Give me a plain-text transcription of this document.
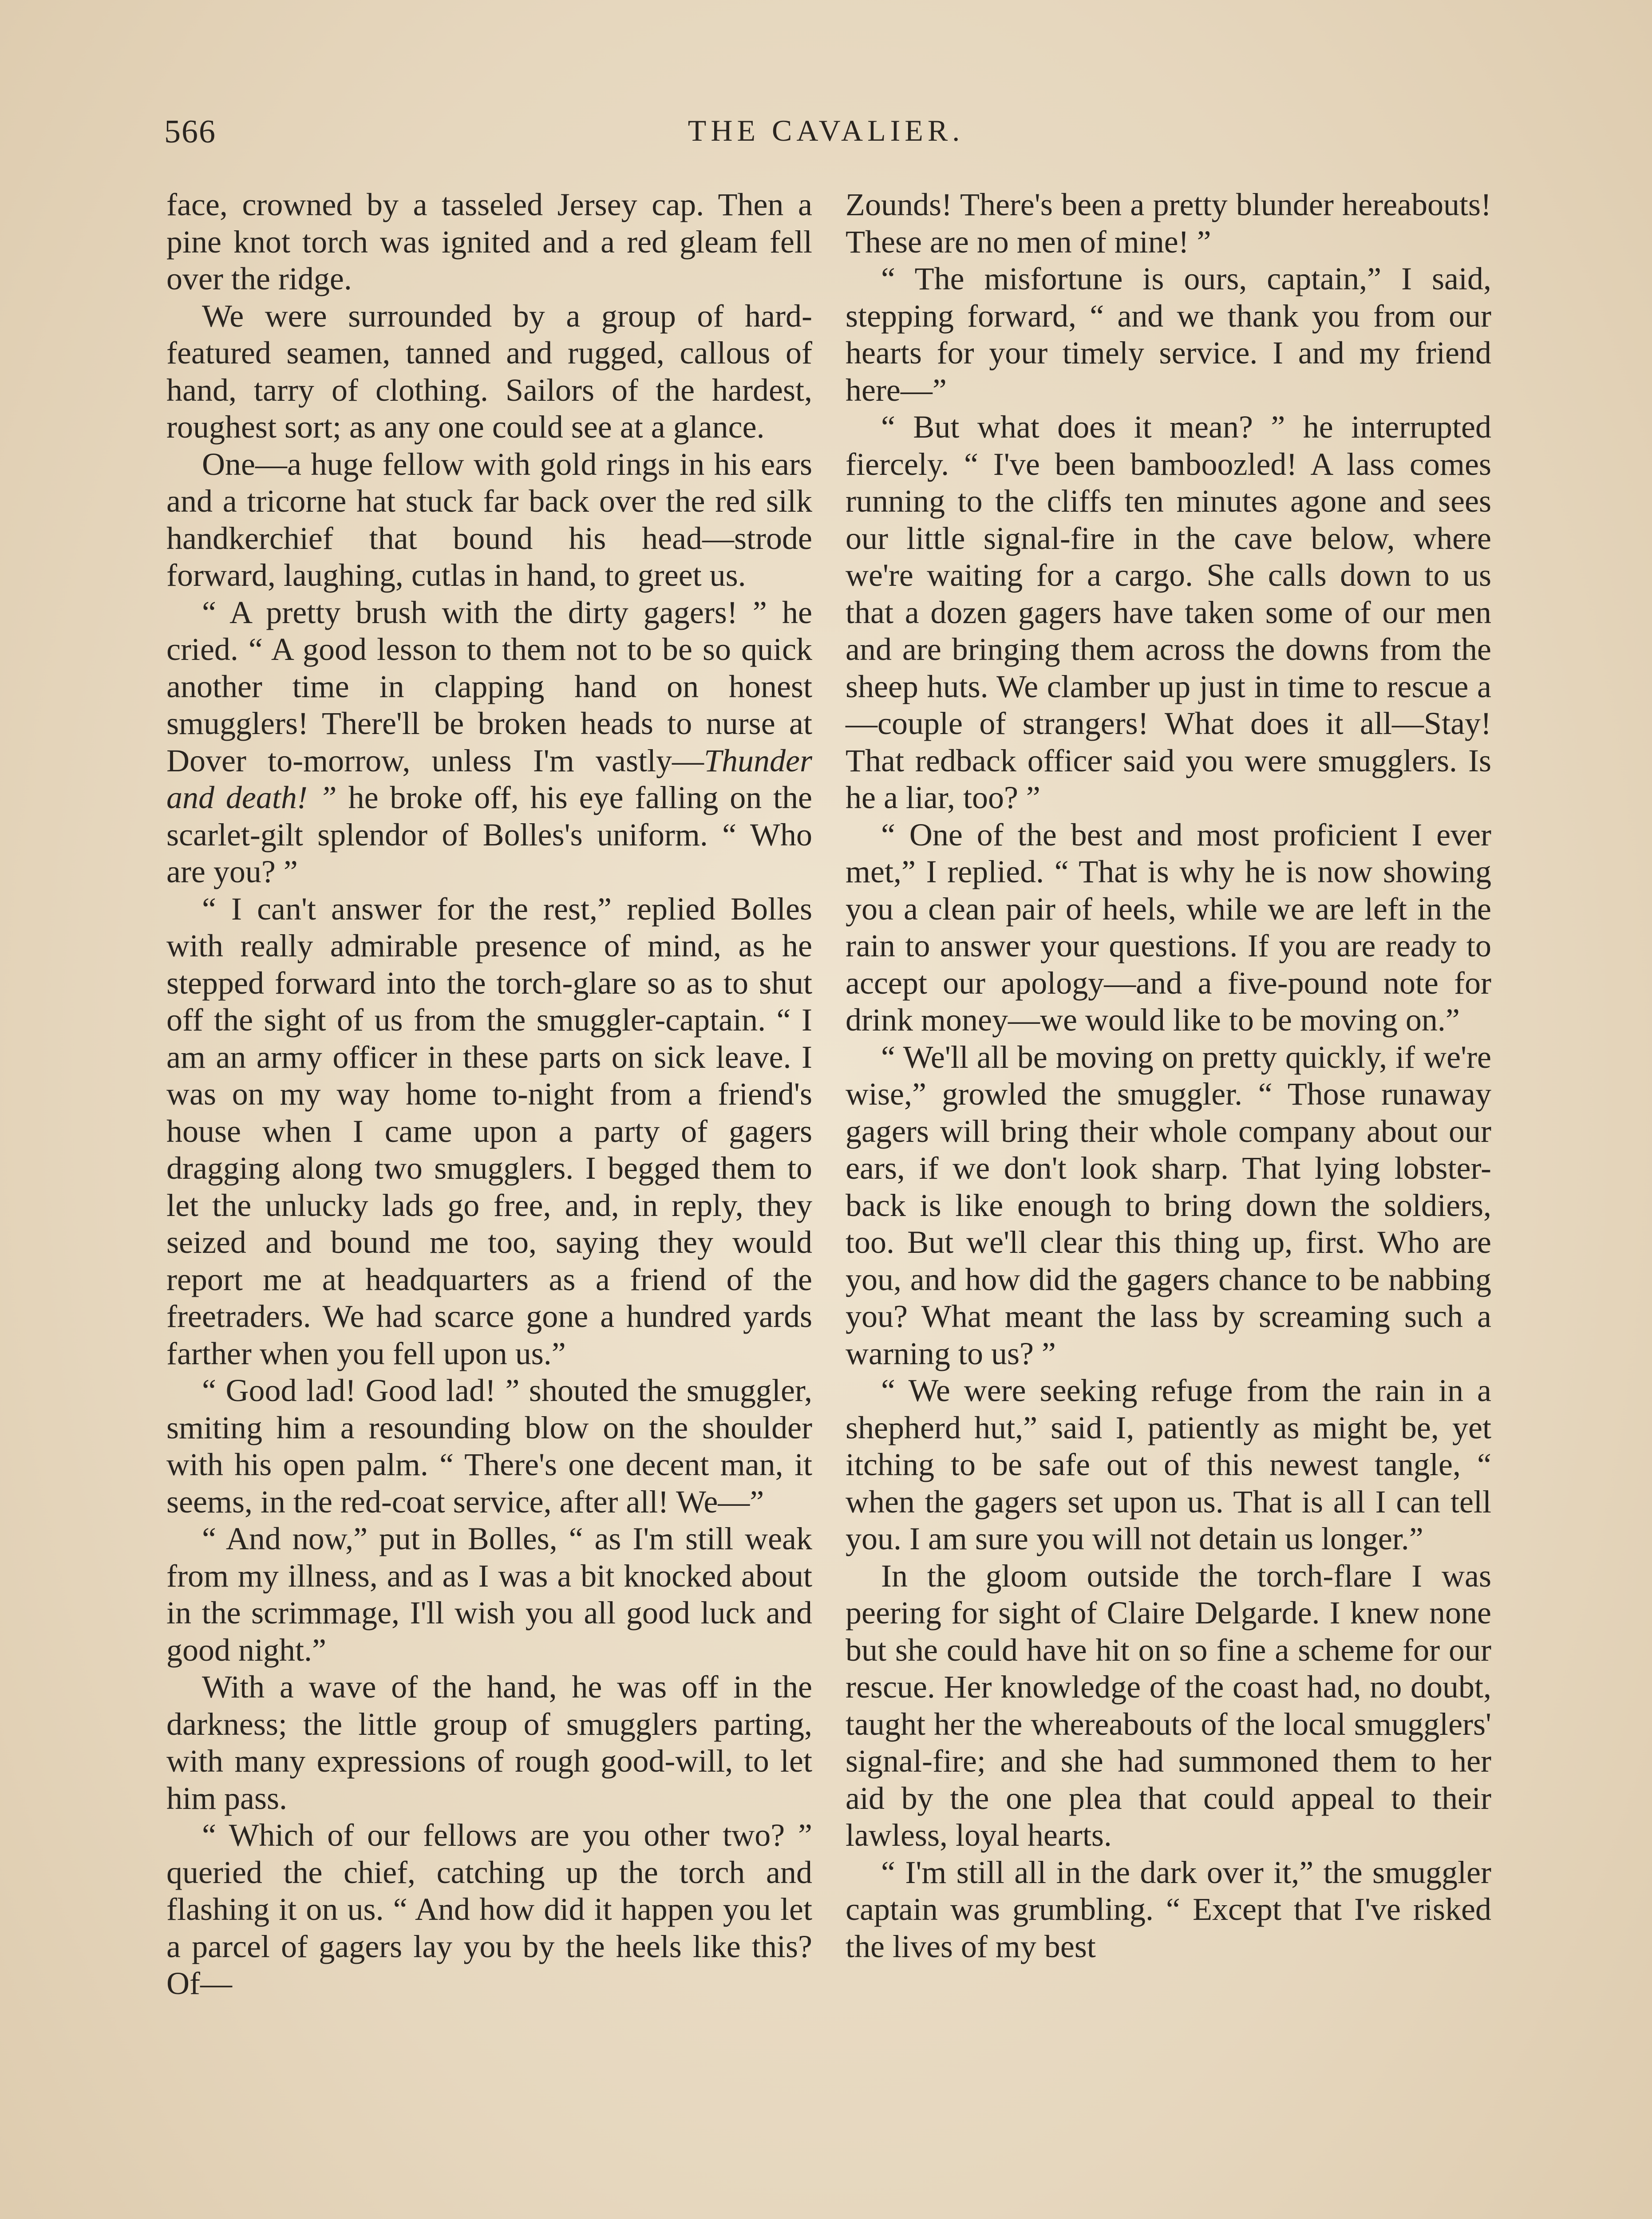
566	THE CAVALIER.

face, crowned by a tasseled Jersey cap. Then a pine knot torch was ignited and a red gleam fell over the ridge.

We were surrounded by a group of hard-featured seamen, tanned and rugged, callous of hand, tarry of clothing. Sailors of the hardest, roughest sort; as any one could see at a glance.

One—a huge fellow with gold rings in his ears and a tricorne hat stuck far back over the red silk handkerchief that bound his head—strode forward, laughing, cutlas in hand, to greet us.

“ A pretty brush with the dirty gagers! ” he cried. “ A good lesson to them not to be so quick another time in clapping hand on honest smugglers! There'll be broken heads to nurse at Dover to-morrow, unless I'm vastly—Thunder and death! ” he broke off, his eye falling on the scarlet-gilt splendor of Bolles's uniform. “ Who are you? ”

“ I can't answer for the rest,” replied Bolles with really admirable presence of mind, as he stepped forward into the torch-glare so as to shut off the sight of us from the smuggler-captain. “ I am an army officer in these parts on sick leave. I was on my way home to-night from a friend's house when I came upon a party of gagers dragging along two smugglers. I begged them to let the unlucky lads go free, and, in reply, they seized and bound me too, saying they would report me at headquarters as a friend of the freetraders. We had scarce gone a hundred yards farther when you fell upon us.”

“ Good lad! Good lad! ” shouted the smuggler, smiting him a resounding blow on the shoulder with his open palm. “ There's one decent man, it seems, in the red-coat service, after all! We—”

“ And now,” put in Bolles, “ as I'm still weak from my illness, and as I was a bit knocked about in the scrimmage, I'll wish you all good luck and good night.”

With a wave of the hand, he was off in the darkness; the little group of smugglers parting, with many expressions of rough good-will, to let him pass.

“ Which of our fellows are you other two? ” queried the chief, catching up the torch and flashing it on us. “ And how did it happen you let a parcel of gagers lay you by the heels like this? Of—

Zounds! There's been a pretty blunder hereabouts! These are no men of mine! ”

“ The misfortune is ours, captain,” I said, stepping forward, “ and we thank you from our hearts for your timely service. I and my friend here—”

“ But what does it mean? ” he interrupted fiercely. “ I've been bamboozled! A lass comes running to the cliffs ten minutes agone and sees our little signal-fire in the cave below, where we're waiting for a cargo. She calls down to us that a dozen gagers have taken some of our men and are bringing them across the downs from the sheep huts. We clamber up just in time to rescue a—couple of strangers! What does it all—Stay! That redback officer said you were smugglers. Is he a liar, too? ”

“ One of the best and most proficient I ever met,” I replied. “ That is why he is now showing you a clean pair of heels, while we are left in the rain to answer your questions. If you are ready to accept our apology—and a five-pound note for drink money—we would like to be moving on.”

“ We'll all be moving on pretty quickly, if we're wise,” growled the smuggler. “ Those runaway gagers will bring their whole company about our ears, if we don't look sharp. That lying lobster-back is like enough to bring down the soldiers, too. But we'll clear this thing up, first. Who are you, and how did the gagers chance to be nabbing you? What meant the lass by screaming such a warning to us? ”

“ We were seeking refuge from the rain in a shepherd hut,” said I, patiently as might be, yet itching to be safe out of this newest tangle, “ when the gagers set upon us. That is all I can tell you. I am sure you will not detain us longer.”

In the gloom outside the torch-flare I was peering for sight of Claire Delgarde. I knew none but she could have hit on so fine a scheme for our rescue. Her knowledge of the coast had, no doubt, taught her the whereabouts of the local smugglers' signal-fire; and she had summoned them to her aid by the one plea that could appeal to their lawless, loyal hearts.

“ I'm still all in the dark over it,” the smuggler captain was grumbling. “ Except that I've risked the lives of my best
